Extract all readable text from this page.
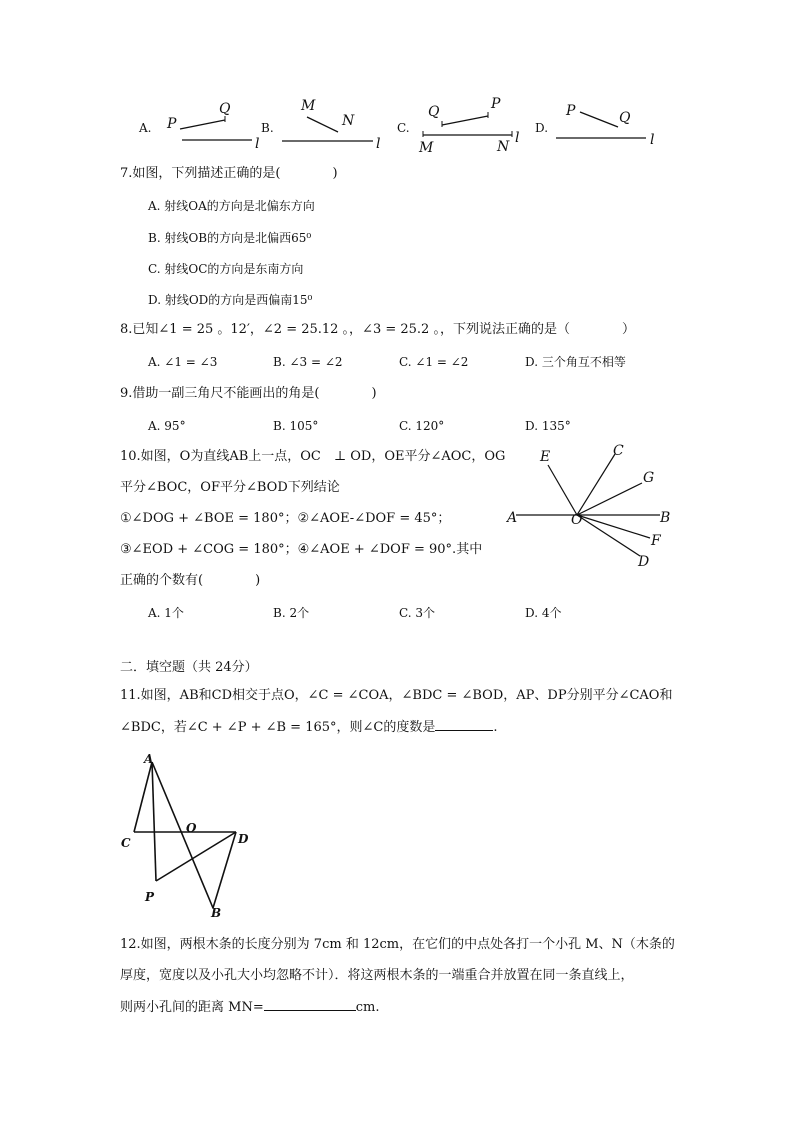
A. P
Q
l
B.
M
N
l
C.
Q	P
M	N
l
D.
P	Q
l
7.如图，下列描述正确的是(　　　　)
A. 射线OA的方向是北偏东方向
B. 射线OB的方向是北偏西65⁰
C. 射线OC的方向是东南方向
D. 射线OD的方向是西偏南15⁰
8.已知∠1 = 25 。12′，∠2 = 25.12 。，∠3 = 25.2 。，下列说法正确的是（　　　　）
A. ∠1 = ∠3	B. ∠3 = ∠2	C. ∠1 = ∠2	D. 三个角互不相等
9.借助一副三角尺不能画出的角是(　　　　)
A. 95°	B. 105°	C. 120°	D. 135°
10.如图，O为直线AB上一点，OC　⊥ OD，OE平分∠AOC，OG
平分∠BOC，OF平分∠BOD下列结论
①∠DOG + ∠BOE = 180°；②∠AOE-∠DOF = 45°；
③∠EOD + ∠COG = 180°；④∠AOE + ∠DOF = 90°.其中
正确的个数有(　　　　)
A. 1个	B. 2个	C. 3个	D. 4个
E	C
G
A	O	B
F
D
二．填空题（共 24分）
11.如图，AB和CD相交于点O，∠C = ∠COA，∠BDC = ∠BOD，AP、DP分别平分∠CAO和
∠BDC，若∠C + ∠P + ∠B = 165°，则∠C的度数是	.
A
C
O
D
P
B
12.如图，两根木条的长度分别为 7cm 和 12cm，在它们的中点处各打一个小孔 M、N（木条的
厚度，宽度以及小孔大小均忽略不计）．将这两根木条的一端重合并放置在同一条直线上，
则两小孔间的距离 MN=	cm.
